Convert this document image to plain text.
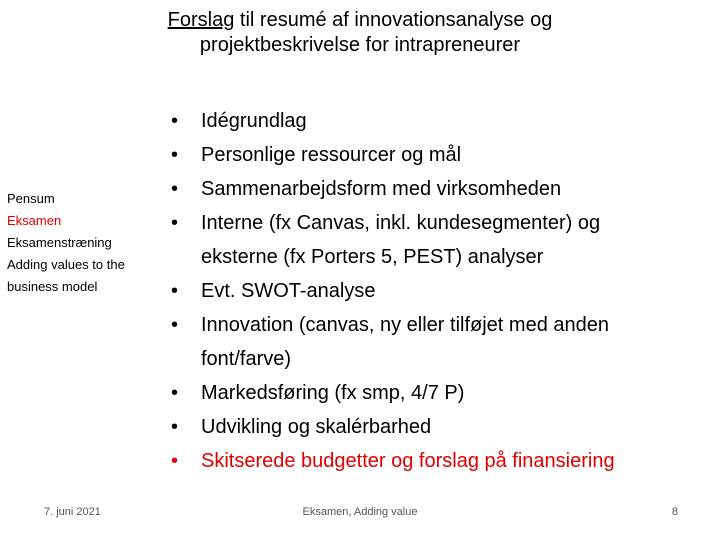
Forslag til resumé af innovationsanalyse og
projektbeskrivelse for intrapreneurer
Pensum
Eksamen
Eksamenstræning
Adding values to the business model
•	Idégrundlag
•	Personlige ressourcer og mål
•	Sammenarbejdsform med virksomheden
•	Interne (fx Canvas, inkl. kundesegmenter) og
eksterne (fx Porters 5, PEST) analyser
•	Evt. SWOT-analyse
•	Innovation (canvas, ny eller tilføjet med anden
font/farve)
•	Markedsføring (fx smp, 4/7 P)
•	Udvikling og skalérbarhed
•	Skitserede budgetter og forslag på finansiering
7. juni 2021	Eksamen, Adding value	8
